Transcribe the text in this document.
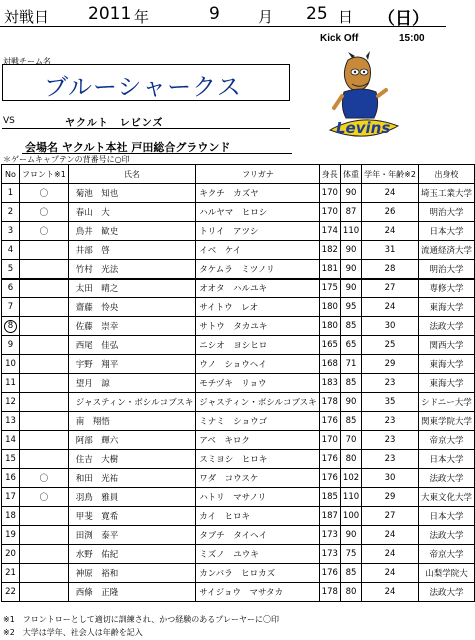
対戦日 2011 年	9	月 25 日 （日）
Kick Off	15:00
対戦チーム名
ブルーシャークス
VS	ヤクルト　レビンズ
会場名 ヤクルト本社 戸田総合グラウンド
＊ゲームキャプテンの背番号に○印
Levins
No	フロント※1	氏名	フリガナ	身長	体重	学年・年齢※2	出身校
1	〇	菊池　知也	キクチ　カズヤ	170	90	24	埼玉工業大学
2	〇	春山　大	ハルヤマ　ヒロシ	170	87	26	明治大学
3	〇	鳥井　歓史	トリイ　アツシ	174	110	24	日本大学
4		井部　啓	イベ　ケイ	182	90	31	流通経済大学
5		竹村　光法	タケムラ　ミツノリ	181	90	28	明治大学
6		太田　晴之	オオタ　ハルユキ	175	90	27	専修大学
7		齋藤　怜央	サイトウ　レオ	180	95	24	東海大学
8		佐藤　崇幸	サトウ　タカユキ	180	85	30	法政大学
9		西尾　佳弘	ニシオ　ヨシヒロ	165	65	25	関西大学
10		宇野　翔平	ウノ　ショウヘイ	168	71	29	東海大学
11		望月　諒	モチヅキ　リョウ	183	85	23	東海大学
12		ジャスティン・ボシルコブスキ	ジャスティン・ボシルコブスキ	178	90	35	シドニー大学
13		南　翔悟	ミナミ　ショウゴ	176	85	23	関東学院大学
14		阿部　輝六	アベ　キロク	170	70	23	帝京大学
15		住吉　大樹	スミヨシ　ヒロキ	176	80	23	日本大学
16	〇	和田　光祐	ワダ　コウスケ	176	102	30	法政大学
17	〇	羽鳥　雅員	ハトリ　マサノリ	185	110	29	大東文化大学
18		甲斐　寛希	カイ　ヒロキ	187	100	27	日本大学
19		田渕　泰平	タブチ　タイヘイ	173	90	24	法政大学
20		水野　佑紀	ミズノ　ユウキ	173	75	24	帝京大学
21		神原　裕和	カンバラ　ヒロカズ	176	85	24	山梨学院大
22		西條　正隆	サイジョウ　マサタカ	178	80	24	法政大学
※1　フロントローとして適切に訓練され、かつ経験のあるプレーヤーに〇印
※2　大学は学年、社会人は年齢を記入
